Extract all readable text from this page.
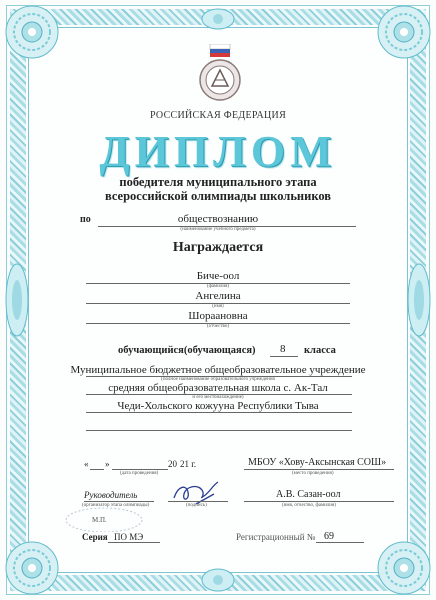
РОССИЙСКАЯ ФЕДЕРАЦИЯ
ДИПЛОМ
победителя муниципального этапа
всероссийской олимпиады школьников
по	обществознанию
(наименование учебного предмета)
Награждается
Биче-оол
(фамилия)
Ангелина
(имя)
Шораановна
(отчество)
обучающийся(обучающаяся) 8 класса
Муниципальное бюджетное общеобразовательное учреждение
(полное наименование образовательного учреждения
средняя общеобразовательная школа с. Ак-Тал
и его местонахождение)
Чеди-Хольского кожууна Республики Тыва
« »	20 21 г.
(дата проведения)
МБОУ «Хову-Аксынская СОШ»
(место проведения)
Руководитель
(организатор этапа олимпиады)
М.П.
(подпись)
А.В. Сазан-оол
(имя, отчество, фамилия)
Серия ПО МЭ	Регистрационный № 69
